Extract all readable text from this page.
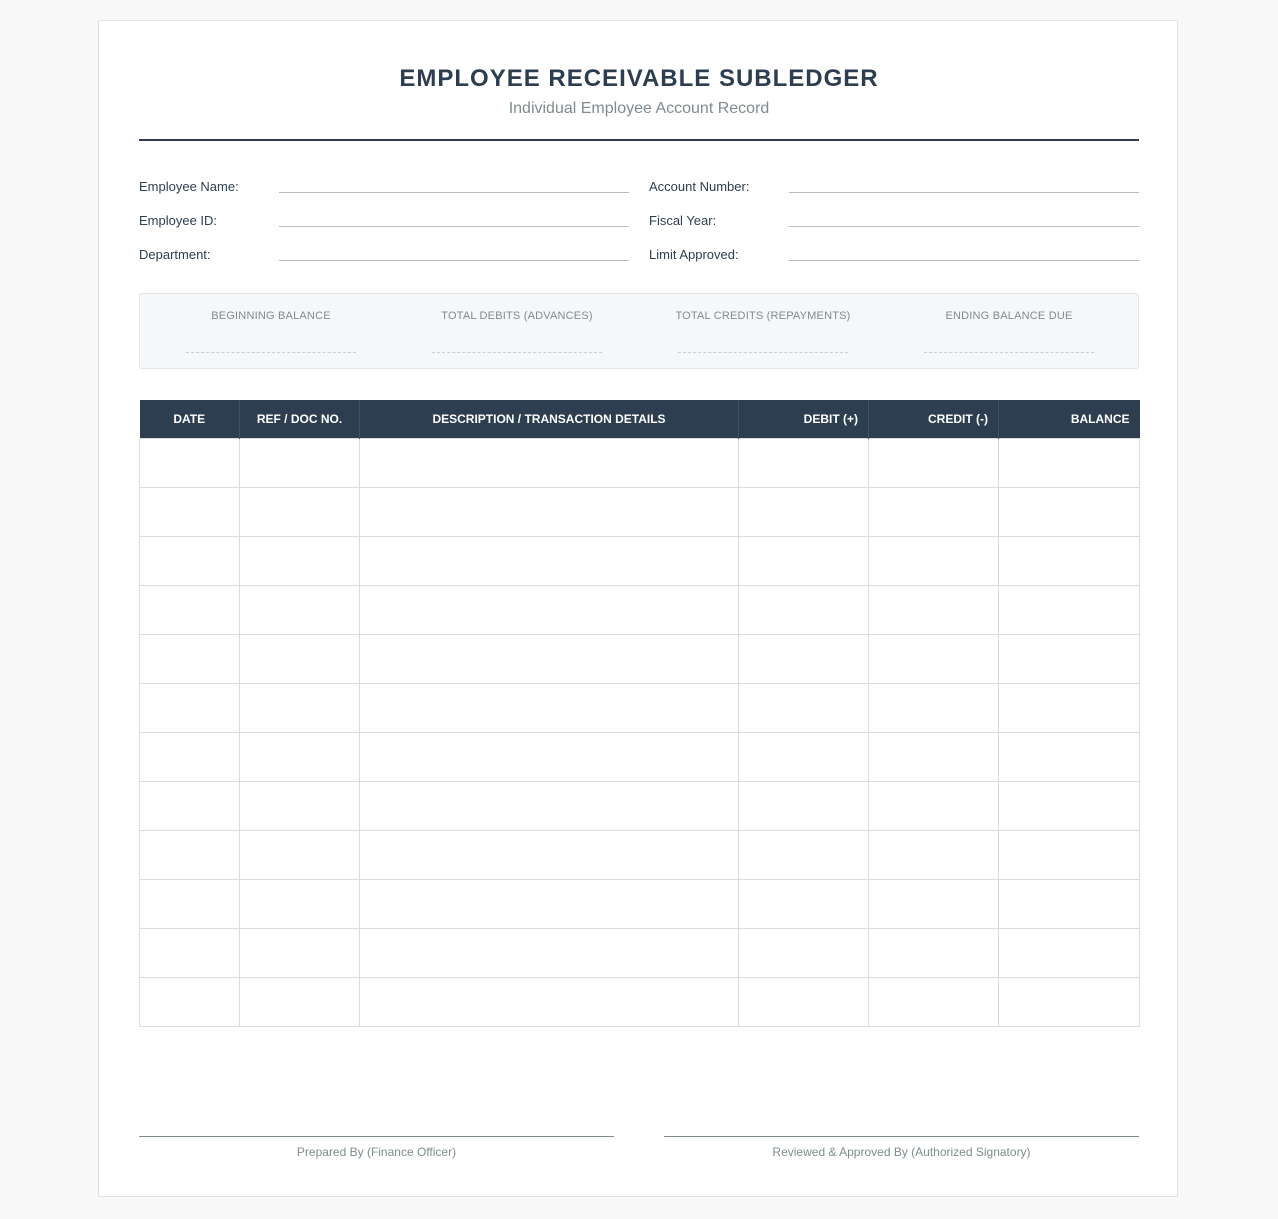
EMPLOYEE RECEIVABLE SUBLEDGER
Individual Employee Account Record
Employee Name:
Employee ID:
Department:
Account Number:
Fiscal Year:
Limit Approved:
BEGINNING BALANCE	TOTAL DEBITS (ADVANCES)	TOTAL CREDITS (REPAYMENTS)	ENDING BALANCE DUE
DATE	REF / DOC NO.	DESCRIPTION / TRANSACTION DETAILS	DEBIT (+)	CREDIT (-)	BALANCE

Prepared By (Finance Officer)	Reviewed & Approved By (Authorized Signatory)
